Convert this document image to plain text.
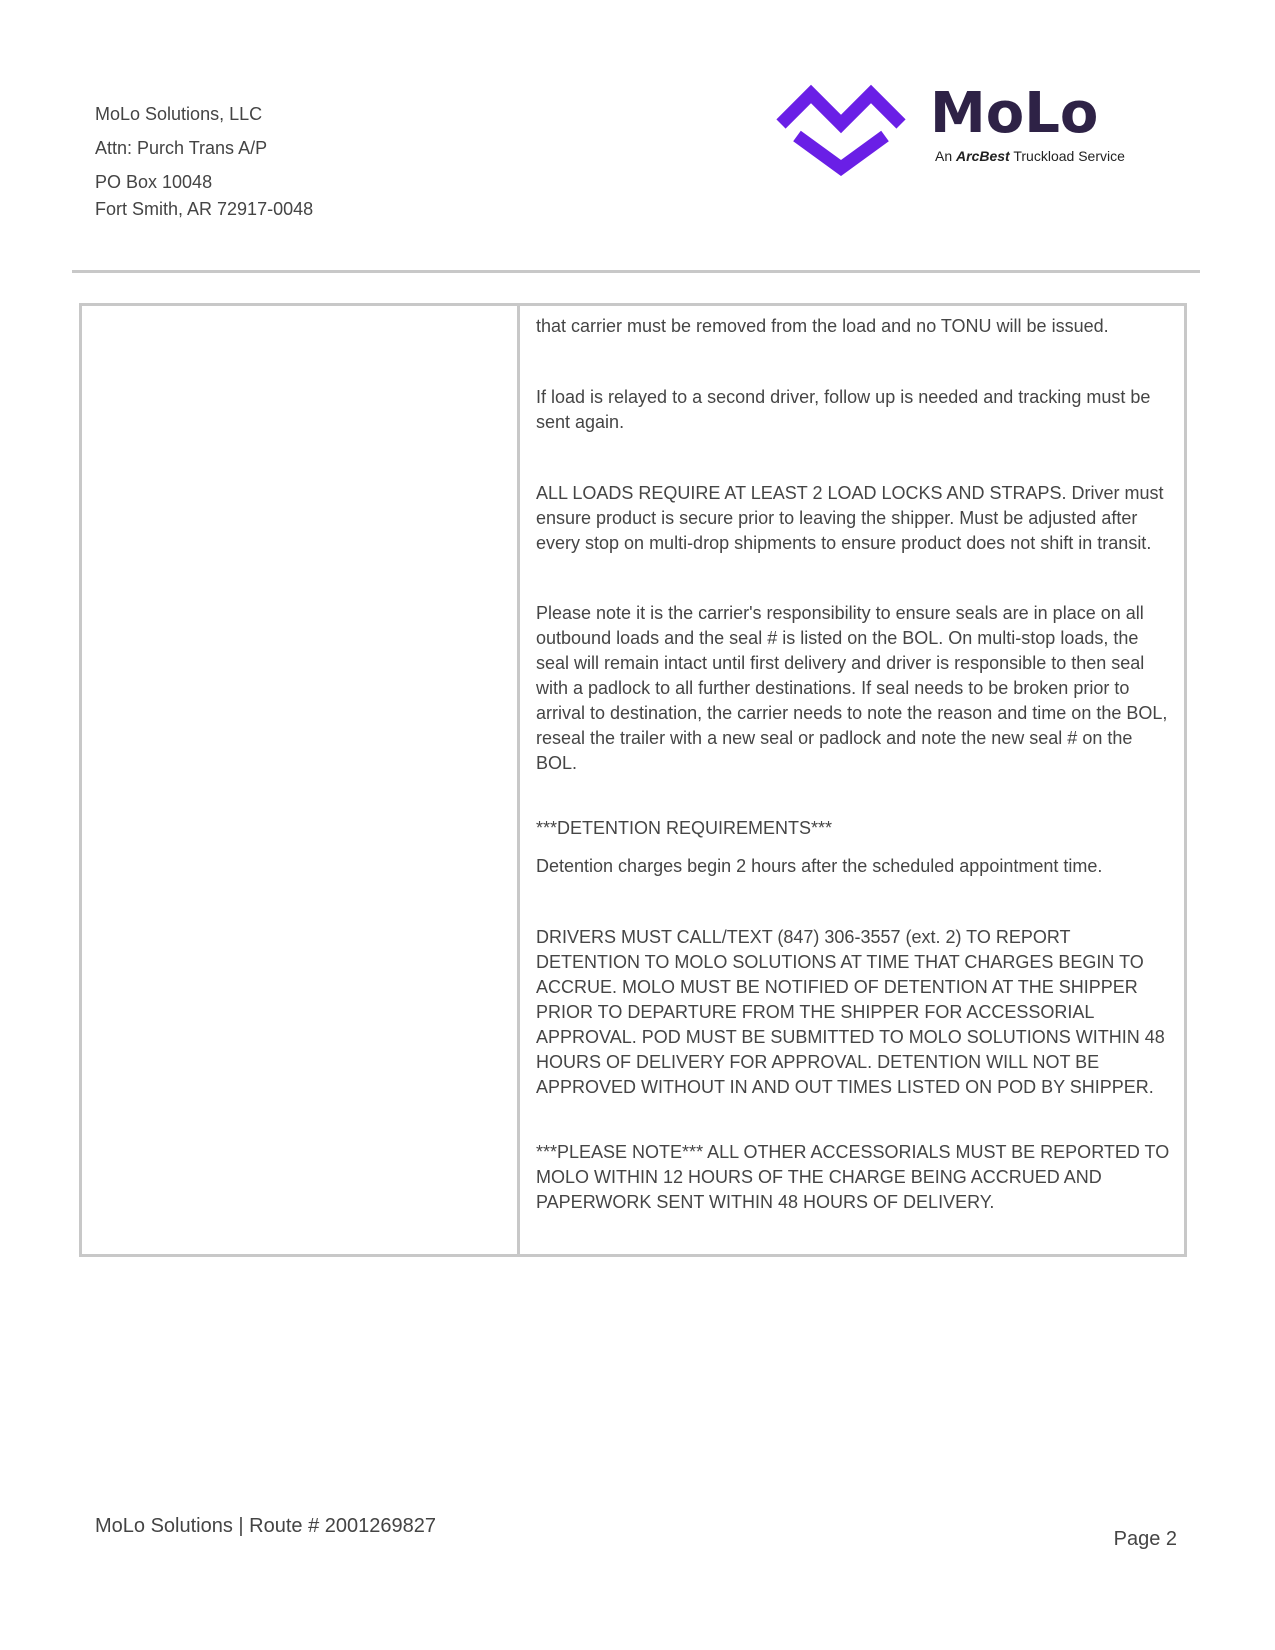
MoLo Solutions, LLC
Attn: Purch Trans A/P
PO Box 10048
Fort Smith, AR 72917-0048
MoLo
An ArcBest Truckload Service
that carrier must be removed from the load and no TONU will be issued.
If load is relayed to a second driver, follow up is needed and tracking must be sent again.
ALL LOADS REQUIRE AT LEAST 2 LOAD LOCKS AND STRAPS. Driver must ensure product is secure prior to leaving the shipper. Must be adjusted after every stop on multi-drop shipments to ensure product does not shift in transit.
Please note it is the carrier's responsibility to ensure seals are in place on all outbound loads and the seal # is listed on the BOL. On multi-stop loads, the seal will remain intact until first delivery and driver is responsible to then seal with a padlock to all further destinations. If seal needs to be broken prior to arrival to destination, the carrier needs to note the reason and time on the BOL, reseal the trailer with a new seal or padlock and note the new seal # on the BOL.
***DETENTION REQUIREMENTS***
Detention charges begin 2 hours after the scheduled appointment time.
DRIVERS MUST CALL/TEXT (847) 306-3557 (ext. 2) TO REPORT DETENTION TO MOLO SOLUTIONS AT TIME THAT CHARGES BEGIN TO ACCRUE. MOLO MUST BE NOTIFIED OF DETENTION AT THE SHIPPER PRIOR TO DEPARTURE FROM THE SHIPPER FOR ACCESSORIAL APPROVAL. POD MUST BE SUBMITTED TO MOLO SOLUTIONS WITHIN 48 HOURS OF DELIVERY FOR APPROVAL. DETENTION WILL NOT BE APPROVED WITHOUT IN AND OUT TIMES LISTED ON POD BY SHIPPER.
***PLEASE NOTE*** ALL OTHER ACCESSORIALS MUST BE REPORTED TO MOLO WITHIN 12 HOURS OF THE CHARGE BEING ACCRUED AND PAPERWORK SENT WITHIN 48 HOURS OF DELIVERY.
MoLo Solutions | Route # 2001269827
Page 2
